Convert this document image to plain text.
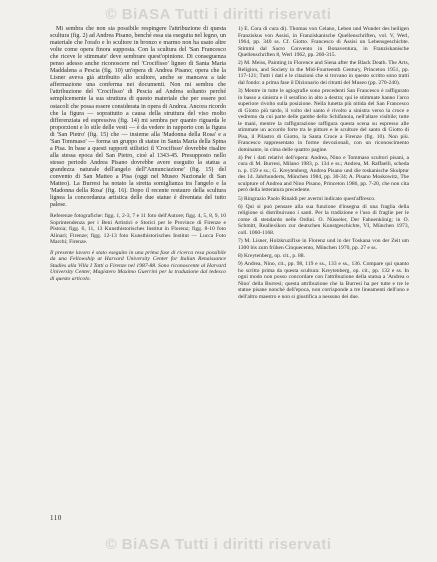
© BiASA Tutti i diritti riservati

Mi sembra che non sia possibile respingere l'attribuzione di questa scultura (fig. 2) ad Andrea Pisano, benché essa sia eseguita nel legno, un materiale che l'orafo e lo scultore in bronzo e marmo non ha usato altre volte come opera finora supposta. Con la scultura del 'San Francesco che riceve le stimmate' deve sembrare quest'opinione. Di conseguenza penso adesso anche riconoscere nel 'Crocifisso' ligneo di Santa Maria Maddalena a Pescia (fig. 10) un'opera di Andrea Pisano; opera che la Lisner aveva già attribuito allo scultore, anche se mancava a tale affermazione una conferma nei documenti. Non mi sembra che l'attribuzione del 'Crocifisso' di Pescia ad Andrea soltanto perché semplicemente la sua struttura di questo materiale che per essere poi ostacoli che possa essere considerata in opera di Andrea. Ancora ricordo che la figura — soprattutto a causa della struttura del viso molto differenziata ed espressiva (fig. 14) mi sembra per quanto riguarda le proporzioni e lo stile delle vesti — è da vedere in rapporto con la figura di 'San Pietro' (fig. 15) che — insieme alla 'Madonna della Rosa' e a 'San Tommaso' — forma un gruppo di statue in Santa Maria della Spina a Pisa. In base a questi rapporti stilistici il 'Crocifisso' dovrebbe risalire alla stessa epoca del San Pietro, cioè al 1343-45. Presupposto nello stesso periodo Andrea Pisano dovrebbe avere eseguito la statua a grandezza naturale dell'angelo dell''Annunciazione' (fig. 15) del convento di San Matteo a Pisa (oggi nel Museo Nazionale di San Matteo). La Burresi ha notato la stretta somiglianza tra l'angelo e la 'Madonna della Rosa' (fig. 16). Dopo il recente restauro della scultura lignea la concordanza artistica delle due statue è diventata del tutto palese.

Referenze fotografiche: figg. 1, 2-3, 7 e 11 foto dell'Autore; figg. 4, 5, 8, 9, 10 Soprintendenza per i Beni Artistici e Storici per le Province di Firenze e Pistoia; figg. 6, 11, 13 Kunsthistorisches Institut in Florenz; figg. 8-10 foto Alinari; Firenze; figg. 12-13 foto Kunsthistorisches Institut — Lucca Foto Marchi; Firenze.

Il presente lavoro è stato eseguito in una prima fase di ricerca resa possibile da una Fellowship at Harvard University Center for Italian Renaissance Studies alla Villa I Tatti a Firenze nel 1987-88. Sono riconoscente al Harvard University Center, Magistero Maximo Guerrini per la traduzione dal tedesco di questo articolo.

1) E. Cora di cura di). Thomas von Celano, Leben und Wunder des heiligen Franziskus von Assisi, in Franziskanische Quellenschriften, vol. V, Werl, 1964, pp. 340 ss. Cf. Giotto. Francesco di Assisi un Lebensgeschichte. Stimmi dal Sacro Convento in Bonaventura, in Franziskanische Quellenschriften 8, Werl 1962, pp. 260-315.

2) M. Meiss, Painting in Florence and Siena after the Black Death. The Arts, Religion, and Society in the Mid-Fourteenth Century, Princeton 1951, pp. 117-121; Tutti i dati e le citazioni che si trovano in questo scritto sono tratti dal fondo: a prima fase il Dizionario dei ritratti del Museo (pp. 270-240).

3) Mentre in tutte le agiografie sono precedenti San Francesco è raffigurato in basso a sinistra e il serafino in alto a destra; qui le stimmate hanno l'arco superiore rivolto sulla posizione. Nella lunetta più nitida del San Francesco di Giotto più tardo, il volto del santo è rivolto a sinistra verso la croce e vedremo da cui parte delle gambe dello Schifanoia, nell'altare visibile; tutte le mani, mentre la raffigurazione raffigura questa scena su espresso alle stimmate un accordo forte tra le pitture e le sculture del santo di Giotto di Pisa, il Pilastro di Giotto, la Santa Croce a Firenze (fig. 10). Non più. Francesco rappresentato in forme devozionali, con un riconoscimento dominante, in cima delle quattro pagine.

4) Per i dati relativi dell'opera: Andrea, Nino e Tommaso scultori pisani, a cura di M. Burresi, Milano 1983, p. 134 e ss.; Andrea, M. Raffaelli, scheda n. p. 159 e ss.; G. Kreytenberg, Andrea Pisano und die toskanische Skulptur des 14. Jahrhunderts, München 1984, pp. 30-34; A. Pisano Moskowitz, The sculpture of Andrea and Nino Pisano, Princeton 1986, pp. 7-20, che non cita però della letteratura precedente.

5) Ringrazio Paolo Rinaldi per avermi indicato quest'affresco.

6) Qui si può pensare alla sua funzione d'insegna di una fraglia della religione si distribuivano i santi. Per la tradizione e l'uso di fraglie per le come di stendardo nelle Ordini. O. Nüsseler, Der Fahnenkönig; in O. Schmitt, Reallexikon zur deutschen Kunstgeschichte, VI, München 1973, coll. 1060-1168.

7) M. Lisner, Holzkruzifixe in Florenz und in der Toskana von der Zeit um 1300 bis zum frühen Cinquecento, München 1970, pp. 27 e ss.

8) Kreytenberg, op. cit., p. 88.

9) Andrea, Nino, cit., pp. 98, 119 e ss., 133 e ss., 136. Compare qui quanto ho scritto prima da questa scultura: Kreytenberg, op. cit., pp. 132 e ss. In ogni modo non posso concordare con l'attribuzione della statua a 'Andrea o Nino' della Burresi; questa attribuzione che la Burresi ha per tutte e tre le statue pisane nonché dell'epoca, non corrisponde a tre lineamenti dell'uno e dell'altro maestro e non si giustifica a nessuno dei due.

110
© BiASA Tutti i diritti riservati
